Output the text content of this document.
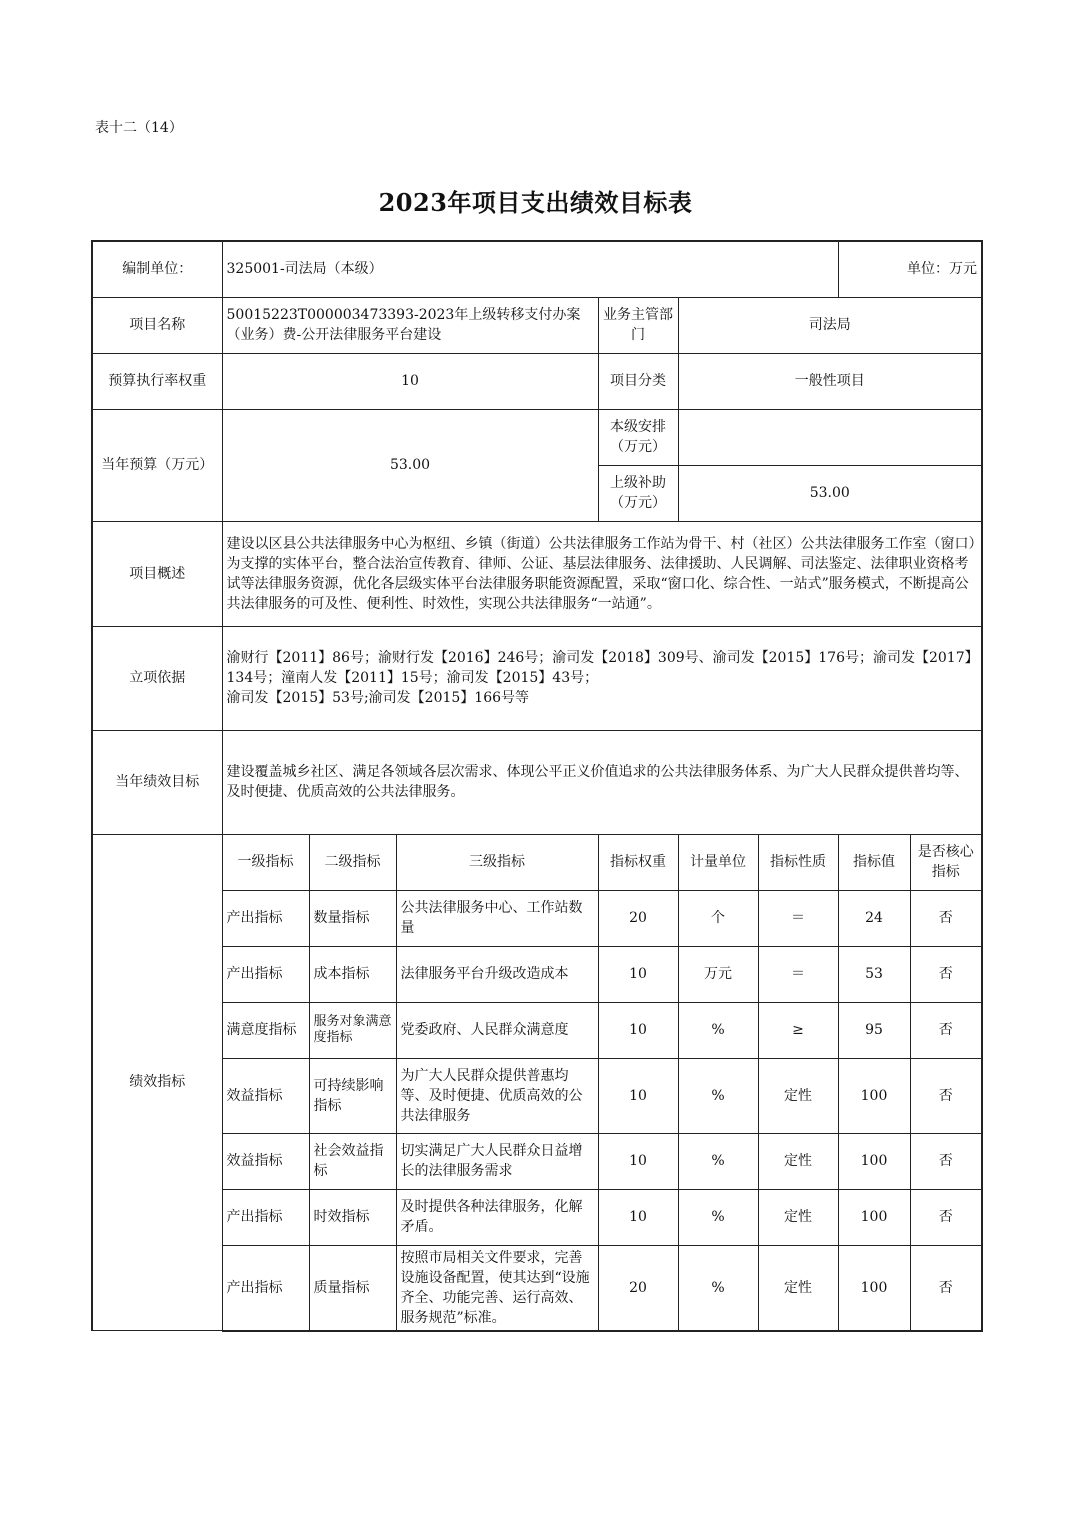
表十二（14）
2023年项目支出绩效目标表
编制单位：	325001-司法局（本级）						单位：万元	
项目名称	50015223T000003473393-2023年上级转移支付办案（业务）费-公开法律服务平台建设			业务主管部门	司法局			
预算执行率权重	10			项目分类	一般性项目			
当年预算（万元）	53.00			本级安排（万元）				
				上级补助（万元）	53.00			
项目概述	建设以区县公共法律服务中心为枢纽、乡镇（街道）公共法律服务工作站为骨干、村（社区）公共法律服务工作室（窗口）为支撑的实体平台，整合法治宣传教育、律师、公证、基层法律服务、法律援助、人民调解、司法鉴定、法律职业资格考试等法律服务资源，优化各层级实体平台法律服务职能资源配置，采取“窗口化、综合性、一站式”服务模式，不断提高公共法律服务的可及性、便利性、时效性，实现公共法律服务“一站通”。							
立项依据	渝财行【2011】86号；渝财行发【2016】246号；渝司发【2018】309号、渝司发【2015】176号；渝司发【2017】134号；潼南人发【2011】15号；渝司发【2015】43号；
渝司发【2015】53号;渝司发【2015】166号等							

当年绩效目标	建设覆盖城乡社区、满足各领域各层次需求、体现公平正义价值追求的公共法律服务体系、为广大人民群众提供普均等、及时便捷、优质高效的公共法律服务。							
绩效指标	一级指标	二级指标	三级指标	指标权重	计量单位	指标性质	指标值	是否核心指标
	产出指标	数量指标	公共法律服务中心、工作站数量	20	个	＝	24	否
	产出指标	成本指标	法律服务平台升级改造成本	10	万元	＝	53	否
	满意度指标	服务对象满意度指标	党委政府、人民群众满意度	10	%	≥	95	否
	效益指标	可持续影响指标	为广大人民群众提供普惠均等、及时便捷、优质高效的公共法律服务	10	%	定性	100	否
	效益指标	社会效益指标	切实满足广大人民群众日益增长的法律服务需求	10	%	定性	100	否
	产出指标	时效指标	及时提供各种法律服务，化解矛盾。	10	%	定性	100	否
	产出指标	质量指标	按照市局相关文件要求，完善设施设备配置，使其达到“设施齐全、功能完善、运行高效、服务规范”标准。	20	%	定性	100	否
